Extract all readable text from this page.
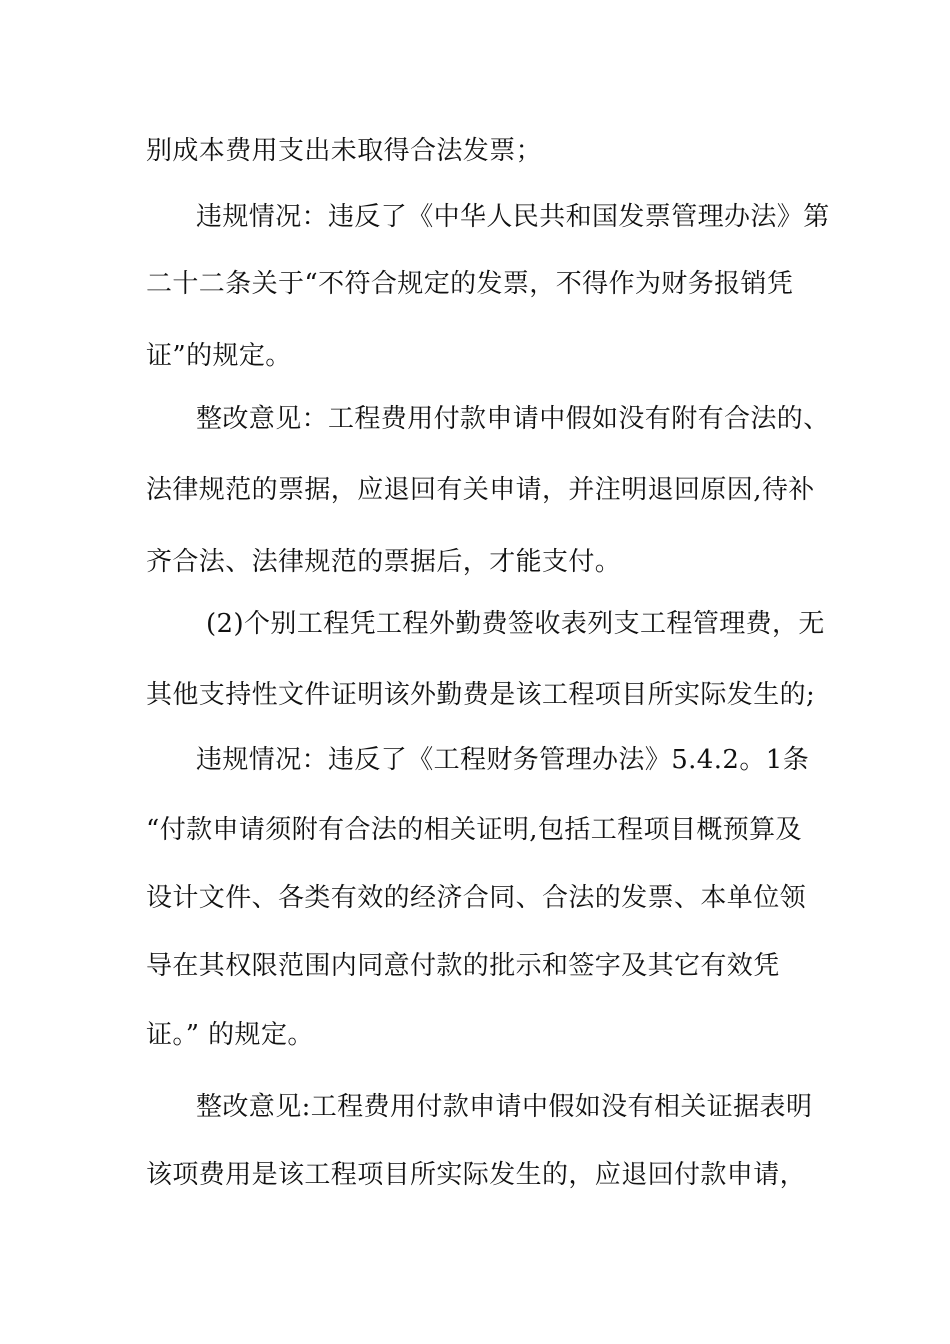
别成本费用支出未取得合法发票；
违规情况：违反了《中华人民共和国发票管理办法》第
二十二条关于“不符合规定的发票，不得作为财务报销凭
证”的规定。
整改意见：工程费用付款申请中假如没有附有合法的、
法律规范的票据，应退回有关申请，并注明退回原因,待补
齐合法、法律规范的票据后，才能支付。
(2)个别工程凭工程外勤费签收表列支工程管理费，无
其他支持性文件证明该外勤费是该工程项目所实际发生的;
违规情况：违反了《工程财务管理办法》5.4.2。1条
“付款申请须附有合法的相关证明,包括工程项目概预算及
设计文件、各类有效的经济合同、合法的发票、本单位领
导在其权限范围内同意付款的批示和签字及其它有效凭
证。” 的规定。
整改意见:工程费用付款申请中假如没有相关证据表明
该项费用是该工程项目所实际发生的，应退回付款申请，
